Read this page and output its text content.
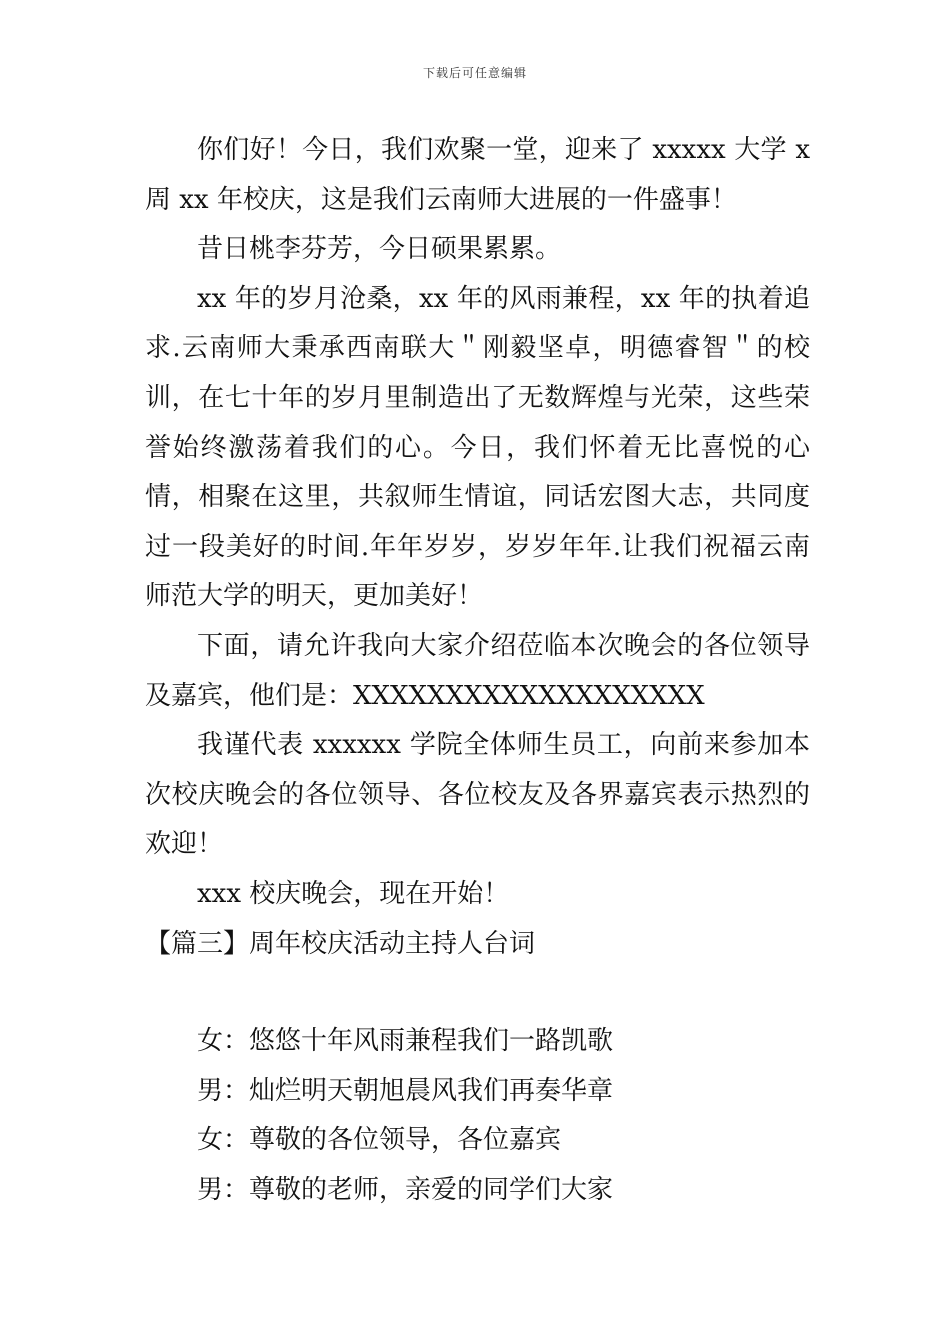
下载后可任意编辑

你们好！今日，我们欢聚一堂，迎来了 xxxxx 大学 x 周 xx 年校庆，这是我们云南师大进展的一件盛事！

昔日桃李芬芳，今日硕果累累。

xx 年的岁月沧桑，xx 年的风雨兼程，xx 年的执着追求.云南师大秉承西南联大＂刚毅坚卓，明德睿智＂的校训，在七十年的岁月里制造出了无数辉煌与光荣，这些荣誉始终激荡着我们的心。今日，我们怀着无比喜悦的心情，相聚在这里，共叙师生情谊，同话宏图大志，共同度过一段美好的时间.年年岁岁，岁岁年年.让我们祝福云南师范大学的明天，更加美好！

下面，请允许我向大家介绍莅临本次晚会的各位领导及嘉宾，他们是：XXXXXXXXXXXXXXXXXXX

我谨代表 xxxxxx 学院全体师生员工，向前来参加本次校庆晚会的各位领导、各位校友及各界嘉宾表示热烈的欢迎！

xxx 校庆晚会，现在开始！

【篇三】周年校庆活动主持人台词

女：悠悠十年风雨兼程我们一路凯歌

男：灿烂明天朝旭晨风我们再奏华章

女：尊敬的各位领导，各位嘉宾

男：尊敬的老师，亲爱的同学们大家
